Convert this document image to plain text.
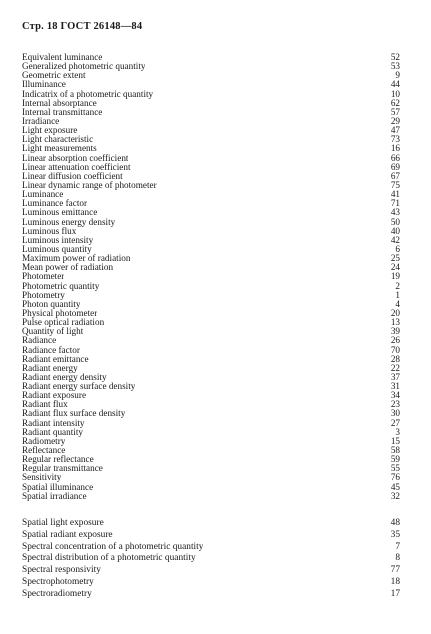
Стр. 18 ГОСТ 26148—84
Equivalent luminance	52
Generalized photometric quantity	53
Geometric extent	9
Illuminance	44
Indicatrix of a photometric quantity	10
Internal absorptance	62
Internal transmittance	57
Irradiance	29
Light exposure	47
Light characteristic	73
Light measurements	16
Linear absorption coefficient	66
Linear attenuation coefficient	69
Linear diffusion coefficient	67
Linear dynamic range of photometer	75
Luminance	41
Luminance factor	71
Luminous emittance	43
Luminous energy density	50
Luminous flux	40
Luminous intensity	42
Luminous quantity	6
Maximum power of radiation	25
Mean power of radiation	24
Photometer	19
Photometric quantity	2
Photometry	1
Photon quantity	4
Physical photometer	20
Pulse optical radiation	13
Quantity of light	39
Radiance	26
Radiance factor	70
Radiant emittance	28
Radiant energy	22
Radiant energy density	37
Radiant energy surface density	31
Radiant exposure	34
Radiant flux	23
Radiant flux surface density	30
Radiant intensity	27
Radiant quantity	3
Radiometry	15
Reflectance	58
Regular reflectance	59
Regular transmittance	55
Sensitivity	76
Spatial illuminance	45
Spatial irradiance	32
Spatial light exposure	48
Spatial radiant exposure	35
Spectral concentration of a photometric quantity	7
Spectral distribution of a photometric quantity	8
Spectral responsivity	77
Spectrophotometry	18
Spectroradiometry	17
